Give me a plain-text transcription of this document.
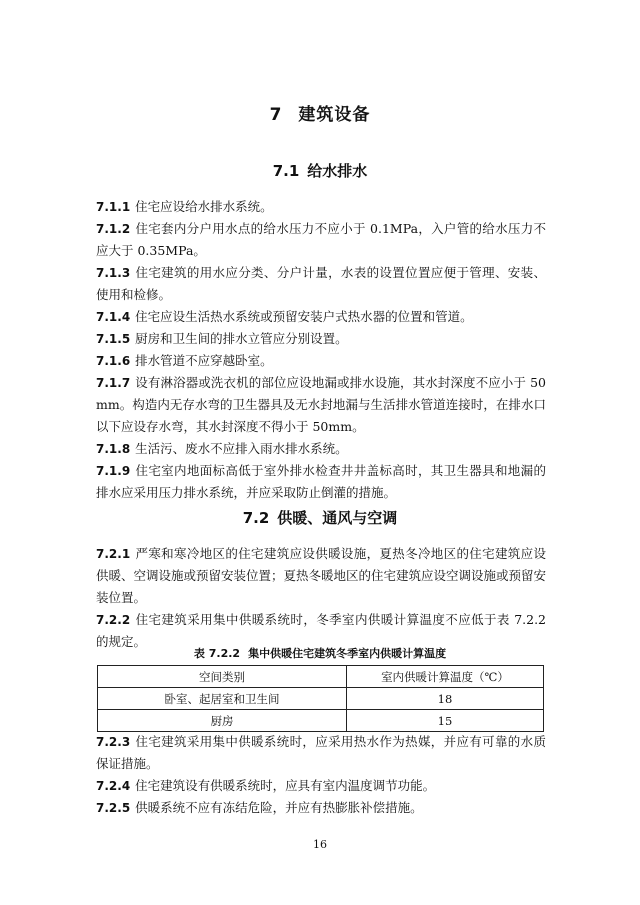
7 建筑设备
7.1 给水排水
7.1.1 住宅应设给水排水系统。
7.1.2 住宅套内分户用水点的给水压力不应小于 0.1MPa，入户管的给水压力不应大于 0.35MPa。
7.1.3 住宅建筑的用水应分类、分户计量，水表的设置位置应便于管理、安装、使用和检修。
7.1.4 住宅应设生活热水系统或预留安装户式热水器的位置和管道。
7.1.5 厨房和卫生间的排水立管应分别设置。
7.1.6 排水管道不应穿越卧室。
7.1.7 设有淋浴器或洗衣机的部位应设地漏或排水设施，其水封深度不应小于 50mm。构造内无存水弯的卫生器具及无水封地漏与生活排水管道连接时，在排水口以下应设存水弯，其水封深度不得小于 50mm。
7.1.8 生活污、废水不应排入雨水排水系统。
7.1.9 住宅室内地面标高低于室外排水检查井井盖标高时，其卫生器具和地漏的排水应采用压力排水系统，并应采取防止倒灌的措施。
7.2 供暖、通风与空调
7.2.1 严寒和寒冷地区的住宅建筑应设供暖设施，夏热冬冷地区的住宅建筑应设供暖、空调设施或预留安装位置；夏热冬暖地区的住宅建筑应设空调设施或预留安装位置。
7.2.2 住宅建筑采用集中供暖系统时，冬季室内供暖计算温度不应低于表 7.2.2 的规定。
表 7.2.2 集中供暖住宅建筑冬季室内供暖计算温度
空间类别	室内供暖计算温度（℃）
卧室、起居室和卫生间	18
厨房	15
7.2.3 住宅建筑采用集中供暖系统时，应采用热水作为热媒，并应有可靠的水质保证措施。
7.2.4 住宅建筑设有供暖系统时，应具有室内温度调节功能。
7.2.5 供暖系统不应有冻结危险，并应有热膨胀补偿措施。
16
